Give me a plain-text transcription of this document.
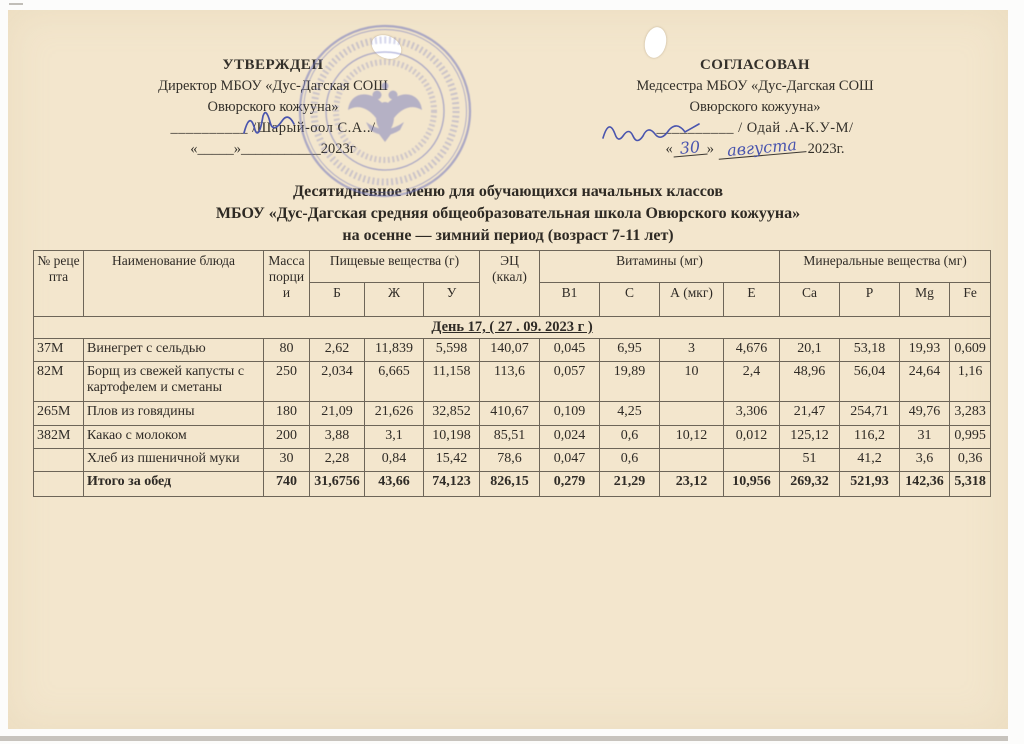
УТВЕРЖДЕН
Директор МБОУ «Дус-Дагская СОШ
Овюрского кожууна»
__________ /Шарый-оол С.А../
«_____»___________2023г
СОГЛАСОВАН
Медсестра МБОУ «Дус-Дагская СОШ
Овюрского кожууна»
__________ / Одай .А-К.У-М/
« 30 » августа 2023г.
Десятидневное меню для обучающихся начальных классов
МБОУ «Дус-Дагская средняя общеобразовательная школа Овюрского кожууна»
на осенне — зимний период (возраст 7-11 лет)
№ рецепта	Наименование блюда	Масса порции	Пищевые вещества (г)			ЭЦ (ккал)	Витамины (мг)				Минеральные вещества (мг)			
			Б	Ж	У		B1	C	А (мкг)	Е	Ca	P	Mg	Fe
День 17, ( 27 . 09. 2023 г )														
37М	Винегрет с сельдью	80	2,62	11,839	5,598	140,07	0,045	6,95	3	4,676	20,1	53,18	19,93	0,609
82М	Борщ из свежей капусты с картофелем и сметаны	250	2,034	6,665	11,158	113,6	0,057	19,89	10	2,4	48,96	56,04	24,64	1,16
265М	Плов из говядины	180	21,09	21,626	32,852	410,67	0,109	4,25		3,306	21,47	254,71	49,76	3,283
382М	Какао с молоком	200	3,88	3,1	10,198	85,51	0,024	0,6	10,12	0,012	125,12	116,2	31	0,995
	Хлеб из пшеничной муки	30	2,28	0,84	15,42	78,6	0,047	0,6			51	41,2	3,6	0,36
	Итого за обед	740	31,6756	43,66	74,123	826,15	0,279	21,29	23,12	10,956	269,32	521,93	142,36	5,318
